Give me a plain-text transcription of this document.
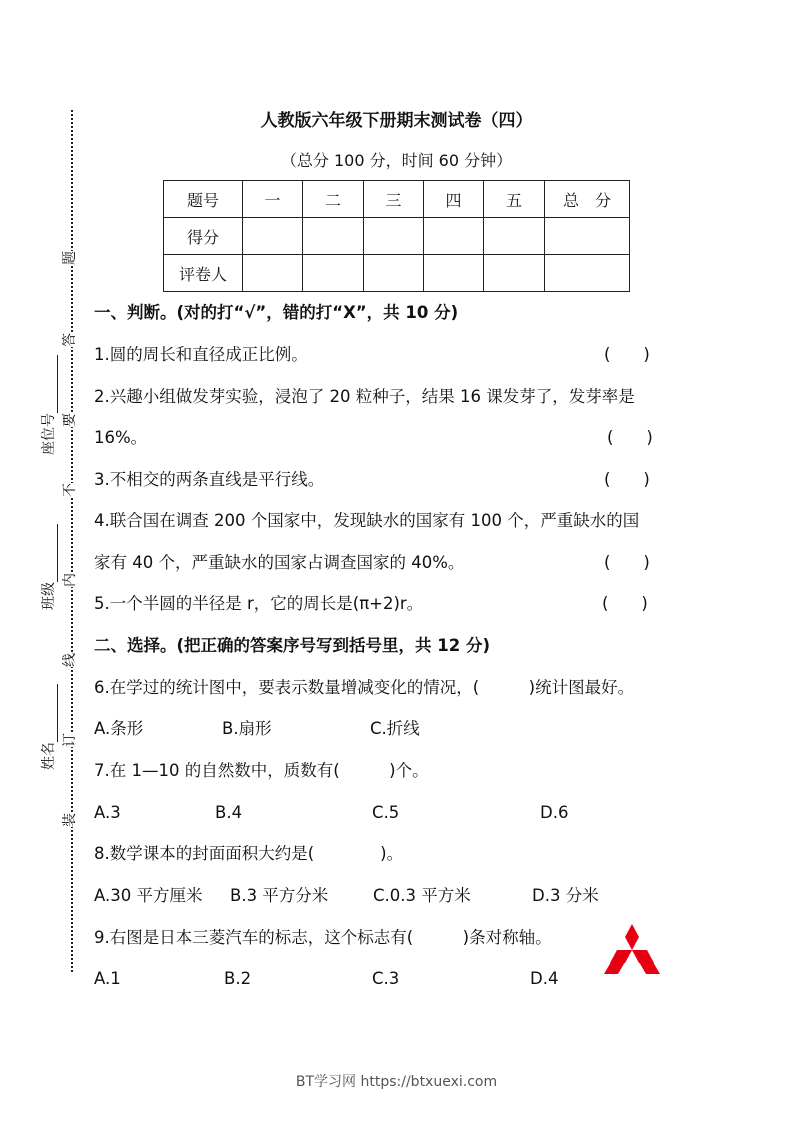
题
答
要
不
内
线
订
装
姓名
班级
座位号
人教版六年级下册期末测试卷（四）
（总分 100 分，时间 60 分钟）
题号	一	二	三	四	五	总　分
得分						
评卷人						
一、判断。(对的打“√”，错的打“X”，共 10 分)
1.圆的周长和直径成正比例。	(　　)
2.兴趣小组做发芽实验，浸泡了 20 粒种子，结果 16 课发芽了，发芽率是
16%。	(　　)
3.不相交的两条直线是平行线。	(　　)
4.联合国在调查 200 个国家中，发现缺水的国家有 100 个，严重缺水的国
家有 40 个，严重缺水的国家占调查国家的 40%。	(　　)
5.一个半圆的半径是 r，它的周长是(π+2)r。	(　　)
二、选择。(把正确的答案序号写到括号里，共 12 分)
6.在学过的统计图中，要表示数量增减变化的情况，(　　　)统计图最好。
A.条形	B.扇形	C.折线
7.在 1—10 的自然数中，质数有(　　　)个。
A.3	B.4	C.5	D.6
8.数学课本的封面面积大约是(　　　　)。
A.30 平方厘米 B.3 平方分米	C.0.3 平方米	D.3 分米
9.右图是日本三菱汽车的标志，这个标志有(　　　)条对称轴。
A.1	B.2	C.3	D.4
BT学习网 https://btxuexi.com
